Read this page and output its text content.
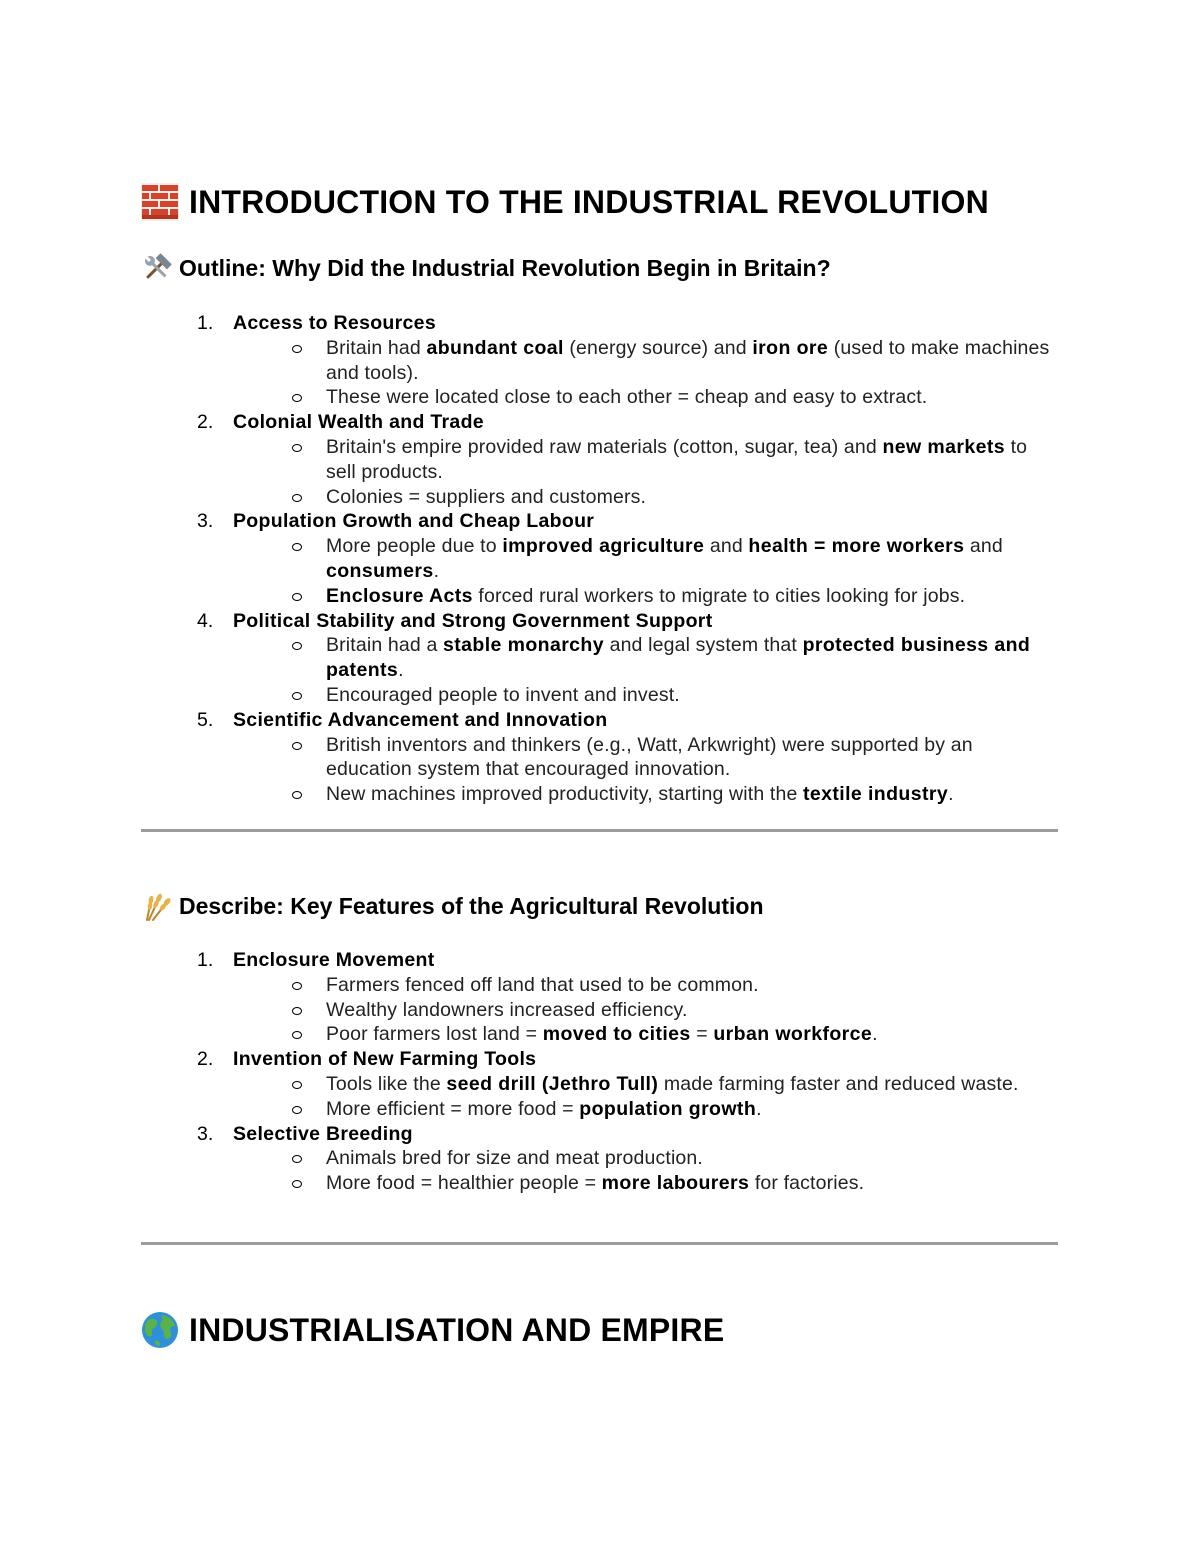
INTRODUCTION TO THE INDUSTRIAL REVOLUTION
Outline: Why Did the Industrial Revolution Begin in Britain?
1. Access to Resources
Britain had abundant coal (energy source) and iron ore (used to make machines and tools).
These were located close to each other = cheap and easy to extract.
2. Colonial Wealth and Trade
Britain's empire provided raw materials (cotton, sugar, tea) and new markets to sell products.
Colonies = suppliers and customers.
3. Population Growth and Cheap Labour
More people due to improved agriculture and health = more workers and consumers.
Enclosure Acts forced rural workers to migrate to cities looking for jobs.
4. Political Stability and Strong Government Support
Britain had a stable monarchy and legal system that protected business and patents.
Encouraged people to invent and invest.
5. Scientific Advancement and Innovation
British inventors and thinkers (e.g., Watt, Arkwright) were supported by an education system that encouraged innovation.
New machines improved productivity, starting with the textile industry.
Describe: Key Features of the Agricultural Revolution
1. Enclosure Movement
Farmers fenced off land that used to be common.
Wealthy landowners increased efficiency.
Poor farmers lost land = moved to cities = urban workforce.
2. Invention of New Farming Tools
Tools like the seed drill (Jethro Tull) made farming faster and reduced waste.
More efficient = more food = population growth.
3. Selective Breeding
Animals bred for size and meat production.
More food = healthier people = more labourers for factories.
INDUSTRIALISATION AND EMPIRE
